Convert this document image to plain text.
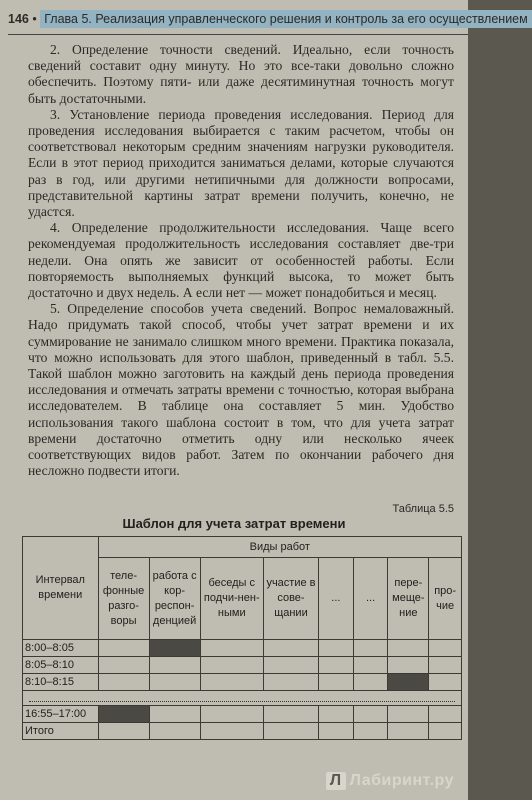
146 • Глава 5. Реализация управленческого решения и контроль за его осуществлением

2. Определение точности сведений. Идеально, если точность сведений составит одну минуту. Но это все-таки довольно сложно обеспечить. Поэтому пяти- или даже десятиминутная точность могут быть достаточными.

3. Установление периода проведения исследования. Период для проведения исследования выбирается с таким расчетом, чтобы он соответствовал некоторым средним значениям нагрузки руководителя. Если в этот период приходится заниматься делами, которые случаются раз в год, или другими нетипичными для должности вопросами, представительной картины затрат времени получить, конечно, не удастся.

4. Определение продолжительности исследования. Чаще всего рекомендуемая продолжительность исследования составляет две-три недели. Она опять же зависит от особенностей работы. Если повторяемость выполняемых функций высока, то может быть достаточно и двух недель. А если нет — может понадобиться и месяц.

5. Определение способов учета сведений. Вопрос немаловажный. Надо придумать такой способ, чтобы учет затрат времени и их суммирование не занимало слишком много времени. Практика показала, что можно использовать для этого шаблон, приведенный в табл. 5.5. Такой шаблон можно заготовить на каждый день периода проведения исследования и отмечать затраты времени с точностью, которая выбрана исследователем. В таблице она составляет 5 мин. Удобство использования такого шаблона состоит в том, что для учета затрат времени достаточно отметить одну или несколько ячеек соответствующих видов работ. Затем по окончании рабочего дня несложно подвести итоги.

Таблица 5.5
Шаблон для учета затрат времени
Интервал времени	Виды работ							
	теле-фонные разго-воры	работа с кор-респон-денцией	беседы с подчи-нен-ными	участие в сове-щании	...	...	пере-меще-ние	про-чие
8:00–8:05								
8:05–8:10								
8:10–8:15								

16:55–17:00								
Итого								
Л Лабиринт.ру
